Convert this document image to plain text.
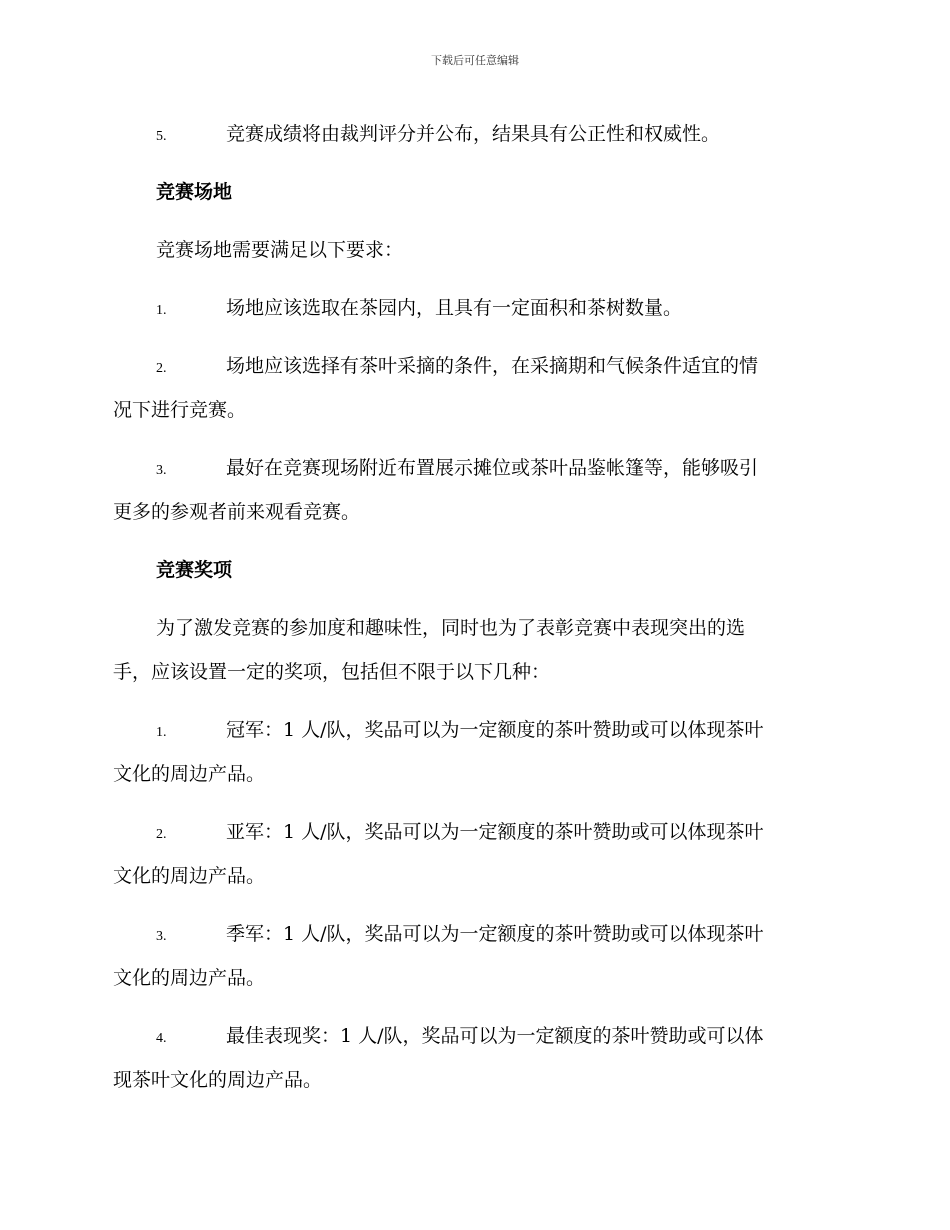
下载后可任意编辑
5.	竞赛成绩将由裁判评分并公布，结果具有公正性和权威性。
竞赛场地
竞赛场地需要满足以下要求：
1.	场地应该选取在茶园内，且具有一定面积和茶树数量。
2.	场地应该选择有茶叶采摘的条件，在采摘期和气候条件适宜的情
况下进行竞赛。
3.	最好在竞赛现场附近布置展示摊位或茶叶品鉴帐篷等，能够吸引
更多的参观者前来观看竞赛。
竞赛奖项
为了激发竞赛的参加度和趣味性，同时也为了表彰竞赛中表现突出的选
手，应该设置一定的奖项，包括但不限于以下几种：
1.	冠军：1 人/队，奖品可以为一定额度的茶叶赞助或可以体现茶叶
文化的周边产品。
2.	亚军：1 人/队，奖品可以为一定额度的茶叶赞助或可以体现茶叶
文化的周边产品。
3.	季军：1 人/队，奖品可以为一定额度的茶叶赞助或可以体现茶叶
文化的周边产品。
4.	最佳表现奖：1 人/队，奖品可以为一定额度的茶叶赞助或可以体
现茶叶文化的周边产品。
